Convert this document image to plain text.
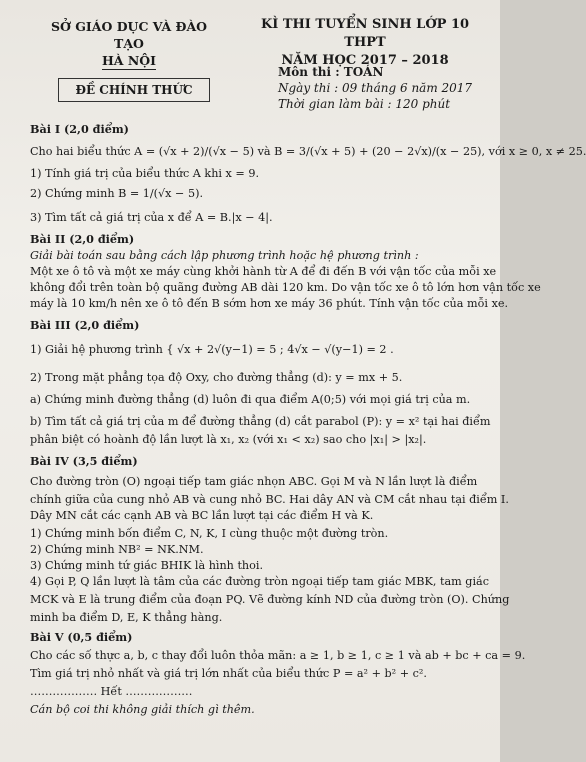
SỞ GIÁO DỤC VÀ ĐÀO TẠO
HÀ NỘI
KÌ THI TUYỂN SINH LỚP 10 THPT
NĂM HỌC 2017 – 2018
ĐỀ CHÍNH THỨC
Môn thi : TOÁN
Ngày thi : 09 tháng 6 năm 2017
Thời gian làm bài : 120 phút
Bài I (2,0 điểm)
Cho hai biểu thức A = (√x + 2)/(√x − 5) và B = 3/(√x + 5) + (20 − 2√x)/(x − 25), với x ≥ 0, x ≠ 25.
1) Tính giá trị của biểu thức A khi x = 9.
2) Chứng minh B = 1/(√x − 5).
3) Tìm tất cả giá trị của x để A = B.|x − 4|.
Bài II (2,0 điểm)
Giải bài toán sau bằng cách lập phương trình hoặc hệ phương trình :
Một xe ô tô và một xe máy cùng khởi hành từ A để đi đến B với vận tốc của mỗi xe
không đổi trên toàn bộ quãng đường AB dài 120 km. Do vận tốc xe ô tô lớn hơn vận tốc xe
máy là 10 km/h nên xe ô tô đến B sớm hơn xe máy 36 phút. Tính vận tốc của mỗi xe.
Bài III (2,0 điểm)
1) Giải hệ phương trình { √x + 2√(y−1) = 5 ; 4√x − √(y−1) = 2 .
2) Trong mặt phẳng tọa độ Oxy, cho đường thẳng (d): y = mx + 5.
a) Chứng minh đường thẳng (d) luôn đi qua điểm A(0;5) với mọi giá trị của m.
b) Tìm tất cả giá trị của m để đường thẳng (d) cắt parabol (P): y = x² tại hai điểm
phân biệt có hoành độ lần lượt là x₁, x₂ (với x₁ < x₂) sao cho |x₁| > |x₂|.
Bài IV (3,5 điểm)
Cho đường tròn (O) ngoại tiếp tam giác nhọn ABC. Gọi M và N lần lượt là điểm
chính giữa của cung nhỏ AB và cung nhỏ BC. Hai dây AN và CM cắt nhau tại điểm I.
Dây MN cắt các cạnh AB và BC lần lượt tại các điểm H và K.
1) Chứng minh bốn điểm C, N, K, I cùng thuộc một đường tròn.
2) Chứng minh NB² = NK.NM.
3) Chứng minh tứ giác BHIK là hình thoi.
4) Gọi P, Q lần lượt là tâm của các đường tròn ngoại tiếp tam giác MBK, tam giác
MCK và E là trung điểm của đoạn PQ. Vẽ đường kính ND của đường tròn (O). Chứng
minh ba điểm D, E, K thẳng hàng.
Bài V (0,5 điểm)
Cho các số thực a, b, c thay đổi luôn thỏa mãn: a ≥ 1, b ≥ 1, c ≥ 1 và ab + bc + ca = 9.
Tìm giá trị nhỏ nhất và giá trị lớn nhất của biểu thức P = a² + b² + c².
……………… Hết ………………
Cán bộ coi thi không giải thích gì thêm.
